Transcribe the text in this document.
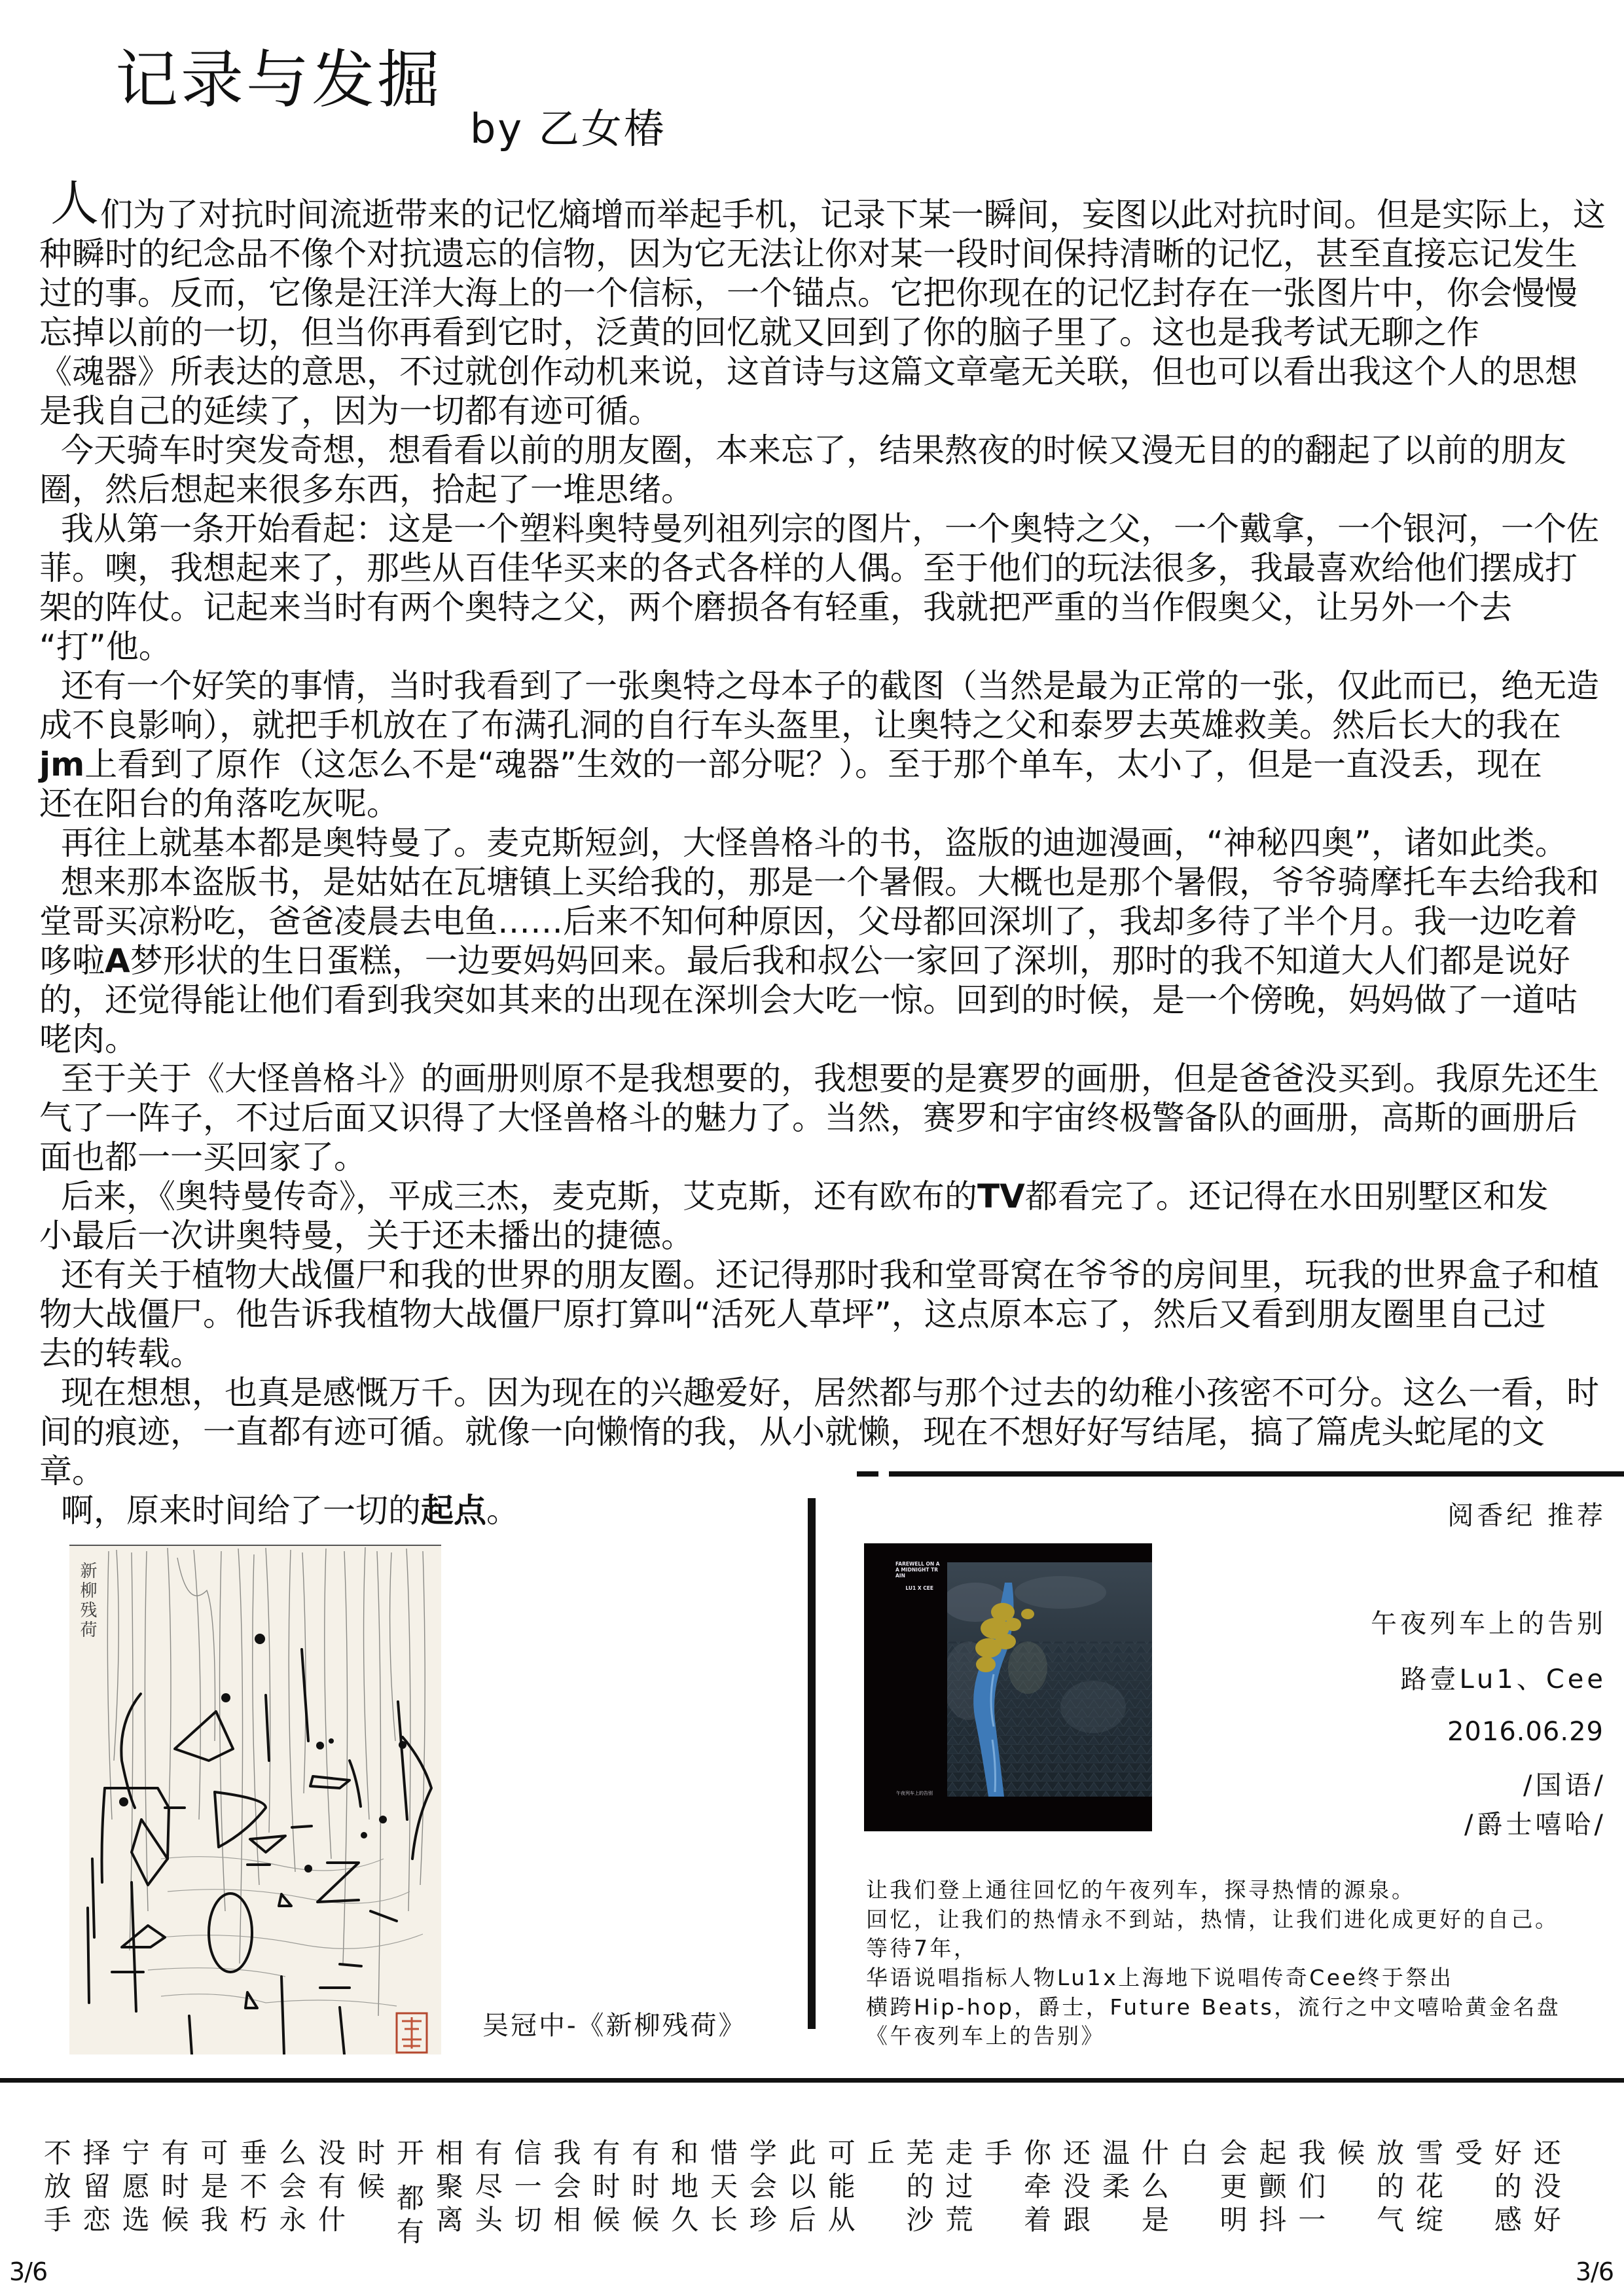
记录与发掘
by 乙女椿
人 们为了对抗时间流逝带来的记忆熵增而举起手机，记录下某一瞬间，妄图以此对抗时间。但是实际上，这
种瞬时的纪念品不像个对抗遗忘的信物，因为它无法让你对某一段时间保持清晰的记忆，甚至直接忘记发生
过的事。反而，它像是汪洋大海上的一个信标，一个锚点。它把你现在的记忆封存在一张图片中，你会慢慢
忘掉以前的一切，但当你再看到它时，泛黄的回忆就又回到了你的脑子里了。这也是我考试无聊之作
《魂器》所表达的意思，不过就创作动机来说，这首诗与这篇文章毫无关联，但也可以看出我这个人的思想
是我自己的延续了，因为一切都有迹可循。
今天骑车时突发奇想，想看看以前的朋友圈，本来忘了，结果熬夜的时候又漫无目的的翻起了以前的朋友
圈，然后想起来很多东西，拾起了一堆思绪。
我从第一条开始看起：这是一个塑料奥特曼列祖列宗的图片，一个奥特之父，一个戴拿，一个银河，一个佐
菲。噢，我想起来了，那些从百佳华买来的各式各样的人偶。至于他们的玩法很多，我最喜欢给他们摆成打
架的阵仗。记起来当时有两个奥特之父，两个磨损各有轻重，我就把严重的当作假奥父，让另外一个去
“打”他。
还有一个好笑的事情，当时我看到了一张奥特之母本子的截图（当然是最为正常的一张，仅此而已，绝无造
成不良影响），就把手机放在了布满孔洞的自行车头盔里，让奥特之父和泰罗去英雄救美。然后长大的我在
jm上看到了原作（这怎么不是“魂器”生效的一部分呢？）。至于那个单车，太小了，但是一直没丢，现在
还在阳台的角落吃灰呢。
再往上就基本都是奥特曼了。麦克斯短剑，大怪兽格斗的书，盗版的迪迦漫画，“神秘四奥”，诸如此类。
想来那本盗版书，是姑姑在瓦塘镇上买给我的，那是一个暑假。大概也是那个暑假，爷爷骑摩托车去给我和
堂哥买凉粉吃，爸爸凌晨去电鱼……后来不知何种原因，父母都回深圳了，我却多待了半个月。我一边吃着
哆啦A梦形状的生日蛋糕，一边要妈妈回来。最后我和叔公一家回了深圳，那时的我不知道大人们都是说好
的，还觉得能让他们看到我突如其来的出现在深圳会大吃一惊。回到的时候，是一个傍晚，妈妈做了一道咕
咾肉。
至于关于《大怪兽格斗》的画册则原不是我想要的，我想要的是赛罗的画册，但是爸爸没买到。我原先还生
气了一阵子，不过后面又识得了大怪兽格斗的魅力了。当然，赛罗和宇宙终极警备队的画册，高斯的画册后
面也都一一买回家了。
后来，《奥特曼传奇》，平成三杰，麦克斯，艾克斯，还有欧布的TV都看完了。还记得在水田别墅区和发
小最后一次讲奥特曼，关于还未播出的捷德。
还有关于植物大战僵尸和我的世界的朋友圈。还记得那时我和堂哥窝在爷爷的房间里，玩我的世界盒子和植
物大战僵尸。他告诉我植物大战僵尸原打算叫“活死人草坪”，这点原本忘了，然后又看到朋友圈里自己过
去的转载。
现在想想，也真是感慨万千。因为现在的兴趣爱好，居然都与那个过去的幼稚小孩密不可分。这么一看，时
间的痕迹，一直都有迹可循。就像一向懒惰的我，从小就懒，现在不想好好写结尾，搞了篇虎头蛇尾的文
章。
啊，原来时间给了一切的起点。
新柳残荷
吴冠中-《新柳残荷》
阅香纪 推荐
午夜列车上的告别
路壹Lu1、Cee
2016.06.29
/国语/
/爵士嘻哈/
FAREWELL ON A
A MIDNIGHT TR
AIN
LU1 X CEE
午夜列车上的告别
让我们登上通往回忆的午夜列车，探寻热情的源泉。
回忆，让我们的热情永不到站，热情，让我们进化成更好的自己。
等待7年，
华语说唱指标人物Lu1x上海地下说唱传奇Cee终于祭出
横跨Hip-hop，爵士，Future Beats，流行之中文嘻哈黄金名盘
《午夜列车上的告别》
不放手 择留恋 宁愿选 有时候 可是我 垂不朽 么会永 没有什 时候 开都有 相聚离 有尽头 信一切 我会相 有时候 有时候 和地久 惜天长 学会珍 此以后 可能从 丘 芜的沙 走过荒 手 你牵着 还没跟 温柔 什么是 白 会更明 起颤抖 我们一 候 放的气 雪花绽 受 好的感 还没好
3/6	3/6
